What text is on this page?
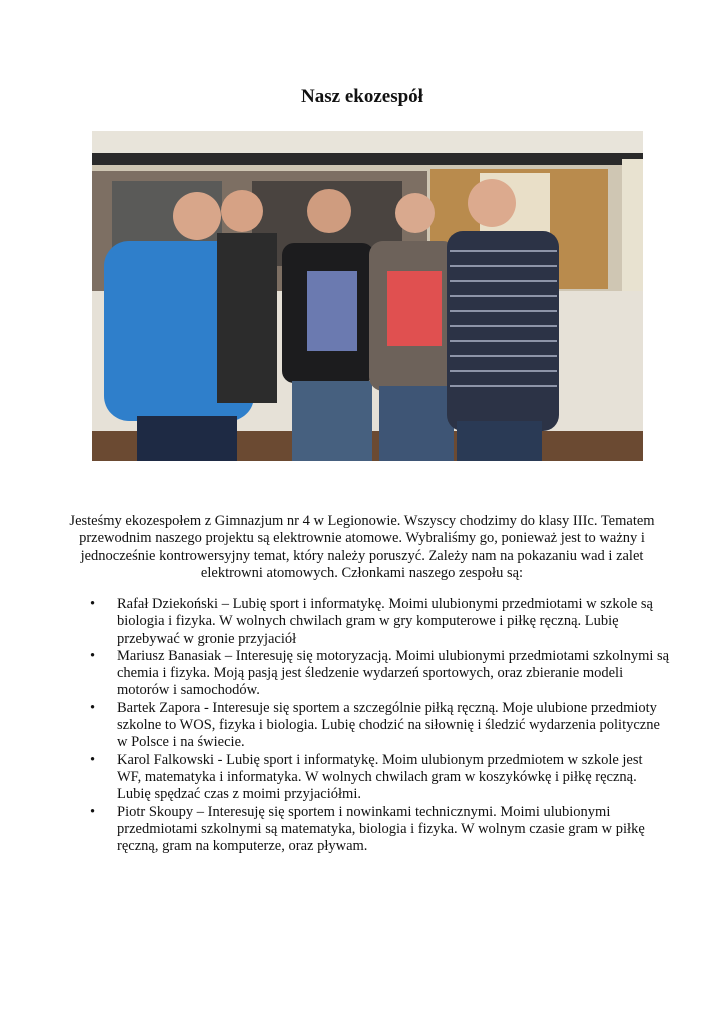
Nasz ekozespół
Jesteśmy ekozespołem z Gimnazjum nr 4 w Legionowie. Wszyscy chodzimy do klasy IIIc. Tematem przewodnim naszego projektu są elektrownie atomowe. Wybraliśmy go, ponieważ jest to ważny i jednocześnie kontrowersyjny temat, który należy poruszyć. Zależy nam na pokazaniu wad i zalet elektrowni atomowych. Członkami naszego zespołu są:
•	Rafał Dziekoński – Lubię sport i informatykę. Moimi ulubionymi przedmiotami w szkole są biologia i fizyka. W wolnych chwilach gram w gry komputerowe i piłkę ręczną. Lubię przebywać w gronie przyjaciół
•	Mariusz Banasiak – Interesuję się motoryzacją. Moimi ulubionymi przedmiotami szkolnymi są chemia i fizyka. Moją pasją jest śledzenie wydarzeń sportowych, oraz zbieranie modeli motorów i samochodów.
•	Bartek Zapora - Interesuje się sportem a szczególnie piłką ręczną. Moje ulubione przedmioty szkolne to WOS, fizyka i biologia. Lubię chodzić na siłownię i śledzić wydarzenia polityczne w Polsce i na świecie.
•	Karol Falkowski - Lubię sport i informatykę. Moim ulubionym przedmiotem w szkole jest WF, matematyka i informatyka. W wolnych chwilach gram w koszykówkę i piłkę ręczną. Lubię spędzać czas z moimi przyjaciółmi.
•	Piotr Skoupy – Interesuję się sportem i nowinkami technicznymi. Moimi ulubionymi przedmiotami szkolnymi są matematyka, biologia i fizyka. W wolnym czasie gram w piłkę ręczną, gram na komputerze, oraz pływam.
